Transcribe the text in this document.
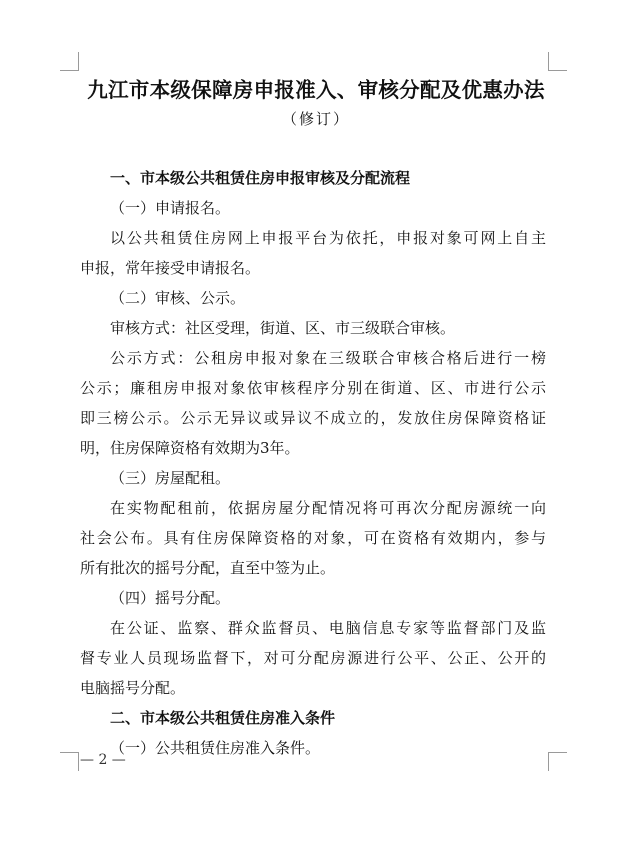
九江市本级保障房申报准入、审核分配及优惠办法
（修订）
一、市本级公共租赁住房申报审核及分配流程
（一）申请报名。
以公共租赁住房网上申报平台为依托，申报对象可网上自主
申报，常年接受申请报名。
（二）审核、公示。
审核方式：社区受理，街道、区、市三级联合审核。
公示方式：公租房申报对象在三级联合审核合格后进行一榜
公示；廉租房申报对象依审核程序分别在街道、区、市进行公示
即三榜公示。公示无异议或异议不成立的，发放住房保障资格证
明，住房保障资格有效期为3年。
（三）房屋配租。
在实物配租前，依据房屋分配情况将可再次分配房源统一向
社会公布。具有住房保障资格的对象，可在资格有效期内，参与
所有批次的摇号分配，直至中签为止。
（四）摇号分配。
在公证、监察、群众监督员、电脑信息专家等监督部门及监
督专业人员现场监督下，对可分配房源进行公平、公正、公开的
电脑摇号分配。
二、市本级公共租赁住房准入条件
（一）公共租赁住房准入条件。
— 2 —
